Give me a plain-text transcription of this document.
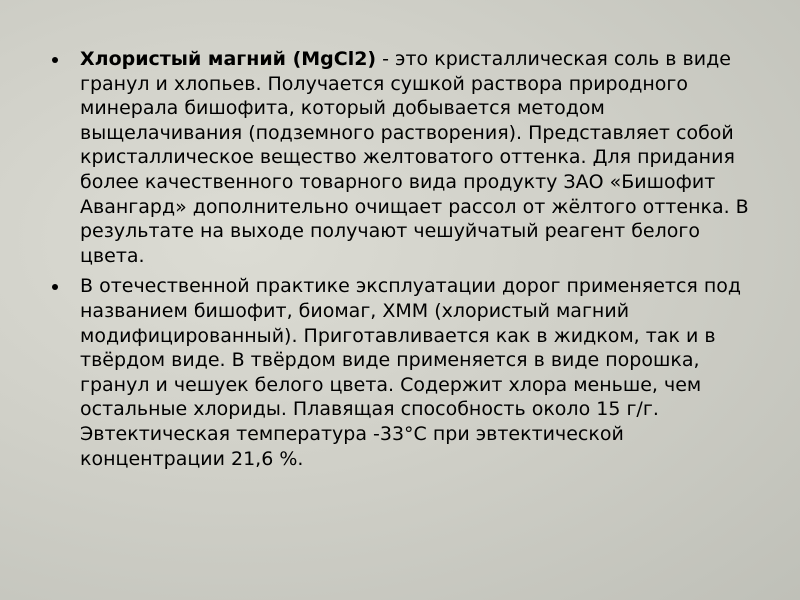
Хлористый магний (MgCl2) - это кристаллическая соль в виде гранул и хлопьев. Получается сушкой раствора природного минерала бишофита, который добывается методом выщелачивания (подземного растворения). Представляет собой кристаллическое вещество желтоватого оттенка. Для придания более качественного товарного вида продукту ЗАО «Бишофит Авангард» дополнительно очищает рассол от жёлтого оттенка. В результате на выходе получают чешуйчатый реагент белого цвета.
В отечественной практике эксплуатации дорог применяется под названием бишофит, биомаг, ХММ (хлористый магний модифицированный). Приготавливается как в жидком, так и в твёрдом виде. В твёрдом виде применяется в виде порошка, гранул и чешуек белого цвета. Содержит хлора меньше, чем остальные хлориды. Плавящая способность около 15 г/г. Эвтектическая температура -33°С при эвтектической концентрации 21,6 %.
